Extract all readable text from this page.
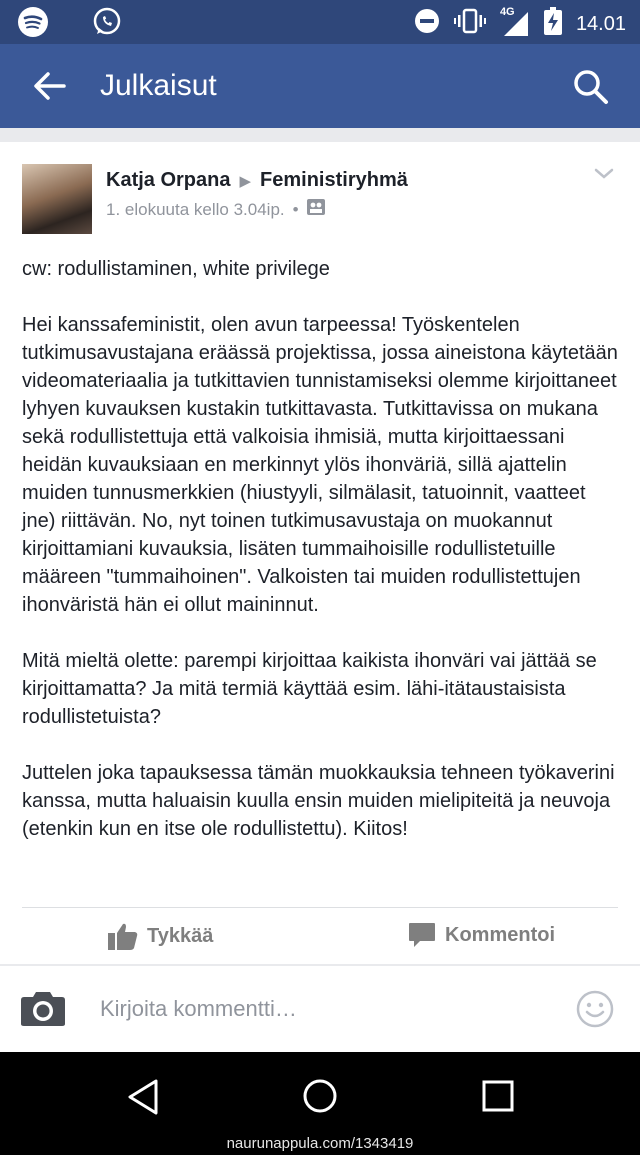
4G
14.01
Julkaisut
Katja Orpana ▶ Feministiryhmä
1. elokuuta kello 3.04ip. •

cw: rodullistaminen, white privilege

Hei kanssafeministit, olen avun tarpeessa! Työskentelen tutkimusavustajana eräässä projektissa, jossa aineistona käytetään videomateriaalia ja tutkittavien tunnistamiseksi olemme kirjoittaneet lyhyen kuvauksen kustakin tutkittavasta. Tutkittavissa on mukana sekä rodullistettuja että valkoisia ihmisiä, mutta kirjoittaessani heidän kuvauksiaan en merkinnyt ylös ihonväriä, sillä ajattelin muiden tunnusmerkkien (hiustyyli, silmälasit, tatuoinnit, vaatteet jne) riittävän. No, nyt toinen tutkimusavustaja on muokannut kirjoittamiani kuvauksia, lisäten tummaihoisille rodullistetuille määreen "tummaihoinen". Valkoisten tai muiden rodullistettujen ihonväristä hän ei ollut maininnut.

Mitä mieltä olette: parempi kirjoittaa kaikista ihonväri vai jättää se kirjoittamatta? Ja mitä termiä käyttää esim. lähi-itätaustaisista rodullistetuista?

Juttelen joka tapauksessa tämän muokkauksia tehneen työkaverini kanssa, mutta haluaisin kuulla ensin muiden mielipiteitä ja neuvoja (etenkin kun en itse ole rodullistettu). Kiitos!

Tykkää	Kommentoi
Kirjoita kommentti…
naurunappula.com/1343419
